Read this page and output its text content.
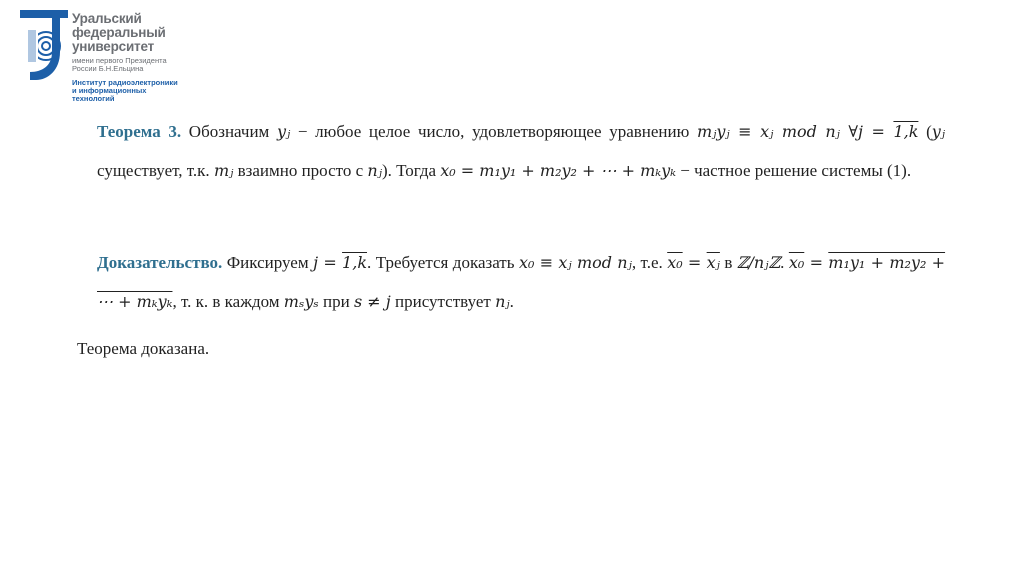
Уральский
федеральный
университет
имени первого Президента
России Б.Н.Ельцина
Институт радиоэлектроники
и информационных
технологий
Теорема 3. Обозначим yⱼ − любое целое число, удовлетворяющее уравнению mⱼyⱼ ≡ xⱼ mod nⱼ ∀j = 1,k (yⱼ существует, т.к. mⱼ взаимно просто с nⱼ). Тогда x₀ = m₁y₁ + m₂y₂ + ⋯ + mₖyₖ − частное решение системы (1).
Доказательство. Фиксируем j = 1,k. Требуется доказать x₀ ≡ xⱼ mod nⱼ, т.е. $x_0 = \overline{xⱼ}$ в ℤ/nⱼℤ. x₀ = m₁y₁ + m₂y₂ + ⋯ + mₖyₖ, т. к. в каждом mₛyₛ при s ≠ j присутствует nⱼ.
Теорема доказана.
